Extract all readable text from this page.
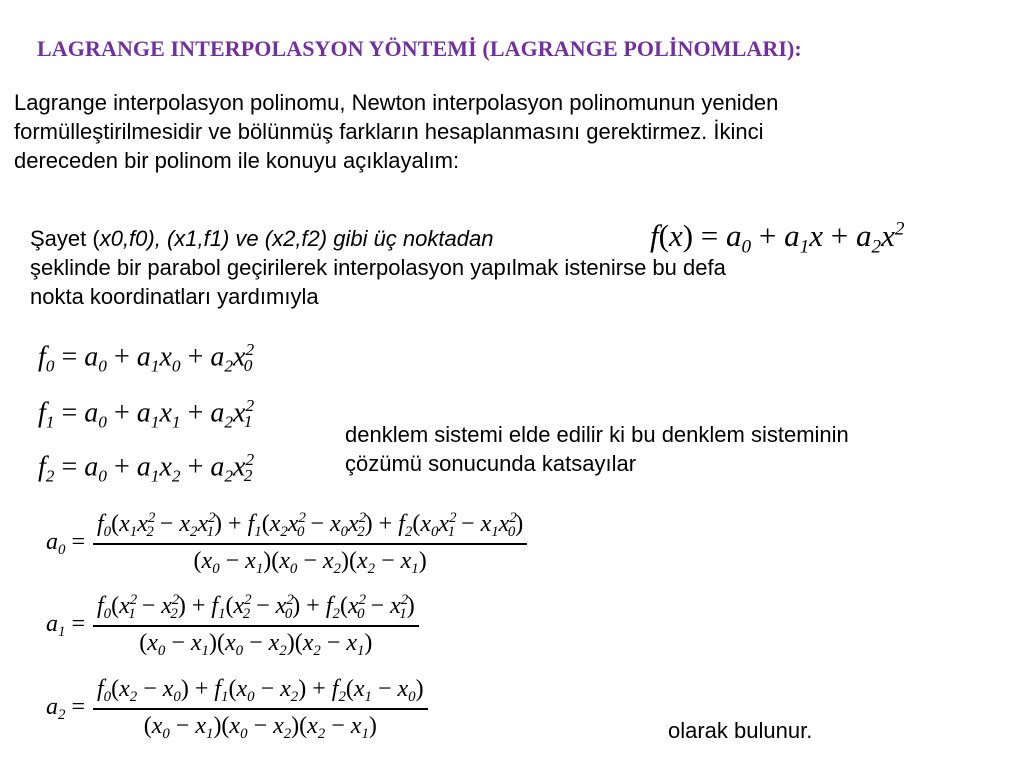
LAGRANGE INTERPOLASYON YÖNTEMİ (LAGRANGE POLİNOMLARI):
Lagrange interpolasyon polinomu, Newton interpolasyon polinomunun yeniden
formülleştirilmesidir ve bölünmüş farkların hesaplanmasını gerektirmez. İkinci
dereceden bir polinom ile konuyu açıklayalım:
Şayet (x0,f0), (x1,f1) ve (x2,f2) gibi üç noktadan
şeklinde bir parabol geçirilerek interpolasyon yapılmak istenirse bu defa
nokta koordinatları yardımıyla
$f(x) = a_0 + a_1x + a_2x^2$
$f_0 = a_0 + a_1x_0 + a_2x^2_0$
$f_1 = a_0 + a_1x_1 + a_2x^2_1$
$f_2 = a_0 + a_1x_2 + a_2x^2_2$
denklem sistemi elde edilir ki bu denklem sisteminin
çözümü sonucunda katsayılar
$a_0 = \frac{f_0(x_1x^2_2 - x_2x^2_1) + f_1(x_2x^2_0 - x_0x^2_2) + f_2(x_0x^2_1 - x_1x^2_0)}{(x_0 - x_1)(x_0 - x_2)(x_2 - x_1)}$
$a_1 = \frac{f_0(x^2_1 - x^2_2) + f_1(x^2_2 - x^2_0) + f_2(x^2_0 - x^2_1)}{(x_0 - x_1)(x_0 - x_2)(x_2 - x_1)}$
$a_2 = \frac{f_0(x_2 - x_0) + f_1(x_0 - x_2) + f_2(x_1 - x_0)}{(x_0 - x_1)(x_0 - x_2)(x_2 - x_1)}$	olarak bulunur.
